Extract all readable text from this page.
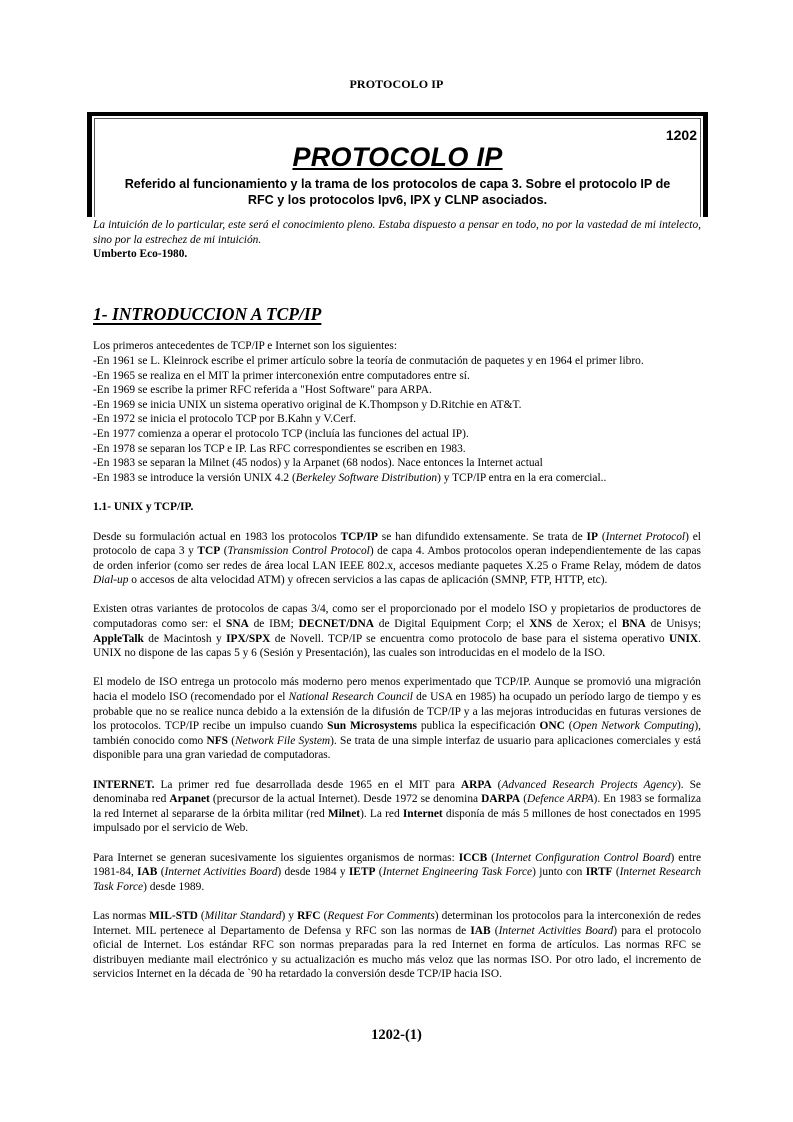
PROTOCOLO IP
1202
PROTOCOLO IP
Referido al funcionamiento y la trama de los protocolos de capa 3. Sobre el protocolo IP de
RFC y los protocolos Ipv6, IPX y CLNP asociados.

La intuición de lo particular, este será el conocimiento pleno. Estaba dispuesto a pensar en todo, no por la vastedad de mi intelecto, sino por la estrechez de mi intuición.

Umberto Eco-1980.

1- INTRODUCCION A TCP/IP

Los primeros antecedentes de TCP/IP e Internet son los siguientes:

-En 1961 se L. Kleinrock escribe el primer artículo sobre la teoría de conmutación de paquetes y en 1964 el primer libro.

-En 1965 se realiza en el MIT la primer interconexión entre computadores entre sí.

-En 1969 se escribe la primer RFC referida a "Host Software" para ARPA.

-En 1969 se inicia UNIX un sistema operativo original de K.Thompson y D.Ritchie en AT&T.

-En 1972 se inicia el protocolo TCP por B.Kahn y V.Cerf.

-En 1977 comienza a operar el protocolo TCP (incluía las funciones del actual IP).

-En 1978 se separan los TCP e IP. Las RFC correspondientes se escriben en 1983.

-En 1983 se separan la Milnet (45 nodos) y la Arpanet (68 nodos). Nace entonces la Internet actual

-En 1983 se introduce la versión UNIX 4.2 (Berkeley Software Distribution) y TCP/IP entra en la era comercial..

1.1- UNIX y TCP/IP.

Desde su formulación actual en 1983 los protocolos TCP/IP se han difundido extensamente. Se trata de IP (Internet Protocol) el protocolo de capa 3 y TCP (Transmission Control Protocol) de capa 4. Ambos protocolos operan independientemente de las capas de orden inferior (como ser redes de área local LAN IEEE 802.x, accesos mediante paquetes X.25 o Frame Relay, módem de datos Dial-up o accesos de alta velocidad ATM) y ofrecen servicios a las capas de aplicación (SMNP, FTP, HTTP, etc).

Existen otras variantes de protocolos de capas 3/4, como ser el proporcionado por el modelo ISO y propietarios de productores de computadoras como ser: el SNA de IBM; DECNET/DNA de Digital Equipment Corp; el XNS de Xerox; el BNA de Unisys; AppleTalk de Macintosh y IPX/SPX de Novell. TCP/IP se encuentra como protocolo de base para el sistema operativo UNIX. UNIX no dispone de las capas 5 y 6 (Sesión y Presentación), las cuales son introducidas en el modelo de la ISO.

El modelo de ISO entrega un protocolo más moderno pero menos experimentado que TCP/IP. Aunque se promovió una migración hacia el modelo ISO (recomendado por el National Research Council de USA en 1985) ha ocupado un período largo de tiempo y es probable que no se realice nunca debido a la extensión de la difusión de TCP/IP y a las mejoras introducidas en futuras versiones de los protocolos. TCP/IP recibe un impulso cuando Sun Microsystems publica la especificación ONC (Open Network Computing), también conocido como NFS (Network File System). Se trata de una simple interfaz de usuario para aplicaciones comerciales y está disponible para una gran variedad de computadoras.

INTERNET. La primer red fue desarrollada desde 1965 en el MIT para ARPA (Advanced Research Projects Agency). Se denominaba red Arpanet (precursor de la actual Internet). Desde 1972 se denomina DARPA (Defence ARPA). En 1983 se formaliza la red Internet al separarse de la órbita militar (red Milnet). La red Internet disponía de más 5 millones de host conectados en 1995 impulsado por el servicio de Web.

Para Internet se generan sucesivamente los siguientes organismos de normas: ICCB (Internet Configuration Control Board) entre 1981-84, IAB (Internet Activities Board) desde 1984 y IETP (Internet Engineering Task Force) junto con IRTF (Internet Research Task Force) desde 1989.

Las normas MIL-STD (Militar Standard) y RFC (Request For Comments) determinan los protocolos para la interconexión de redes Internet. MIL pertenece al Departamento de Defensa y RFC son las normas de IAB (Internet Activities Board) para el protocolo oficial de Internet. Los estándar RFC son normas preparadas para la red Internet en forma de artículos. Las normas RFC se distribuyen mediante mail electrónico y su actualización es mucho más veloz que las normas ISO. Por otro lado, el incremento de servicios Internet en la década de `90 ha retardado la conversión desde TCP/IP hacia ISO.

1202-(1)
